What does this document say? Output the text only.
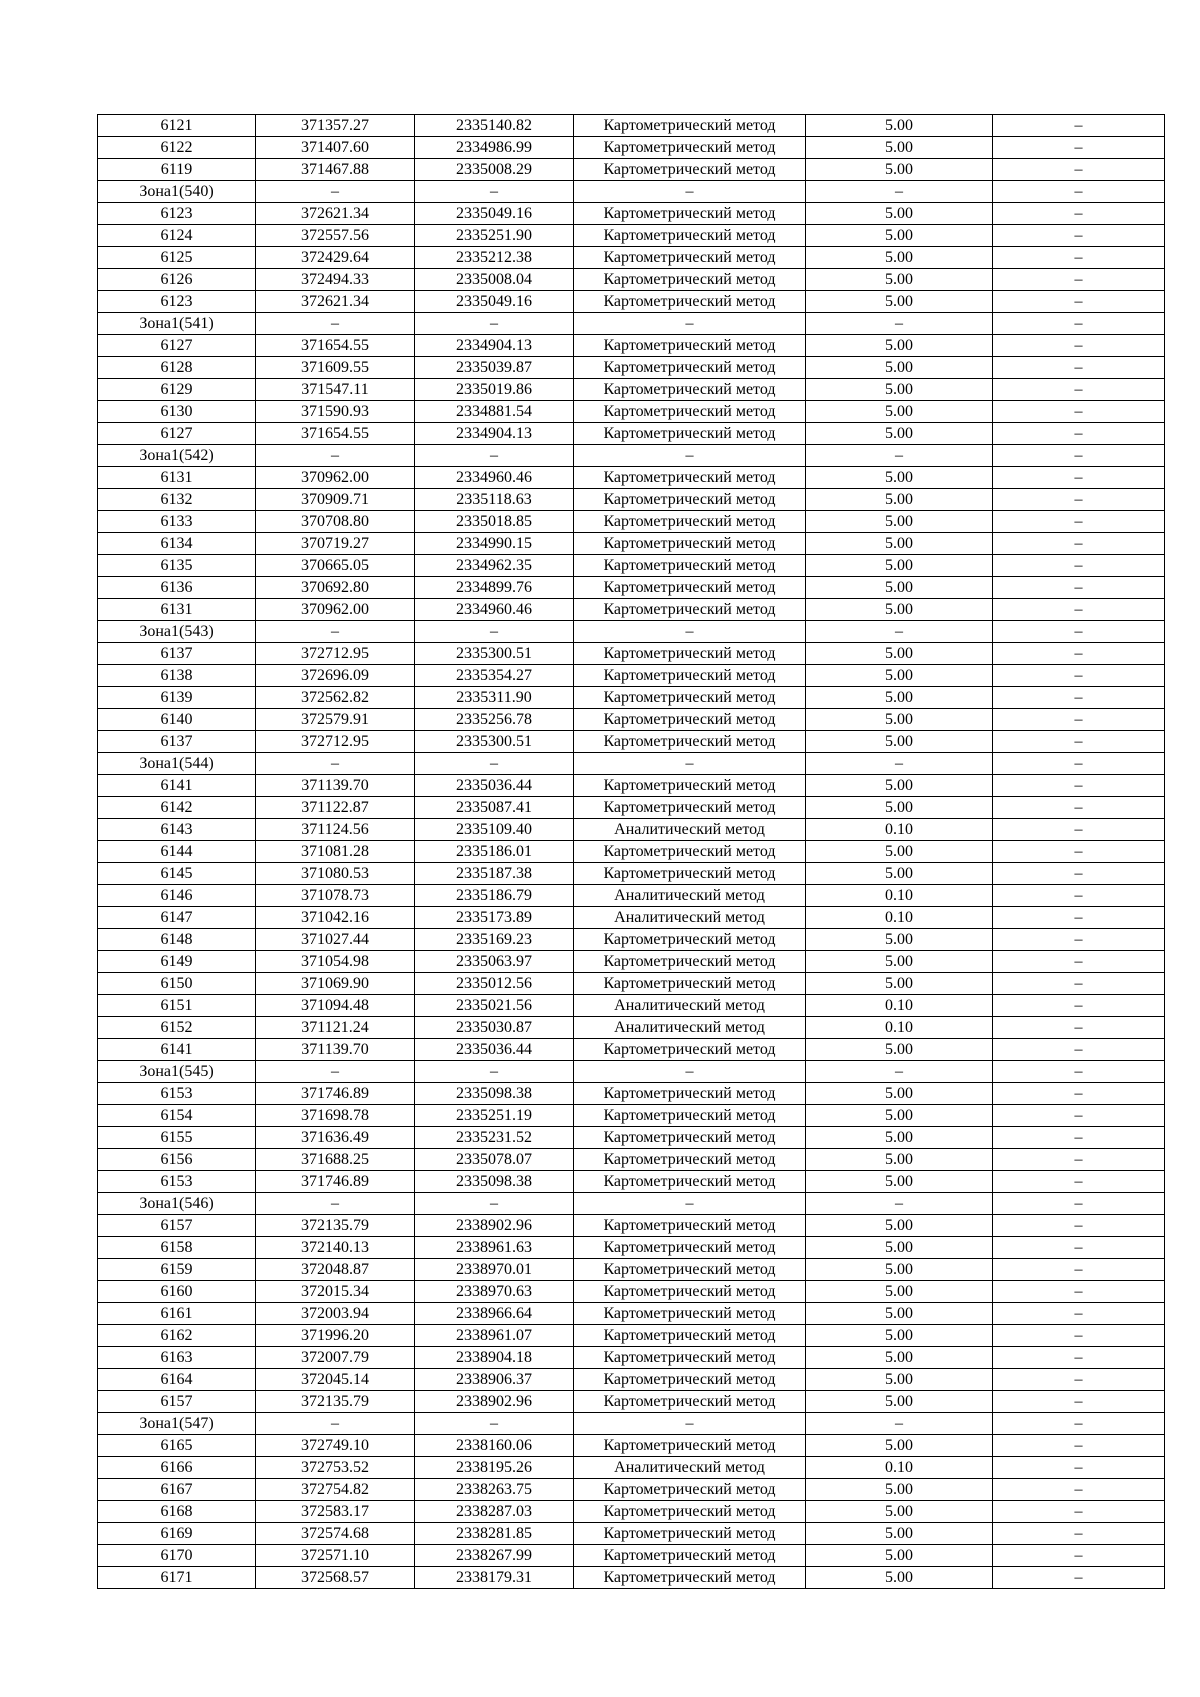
6121	371357.27	2335140.82	Картометрический метод	5.00	–
6122	371407.60	2334986.99	Картометрический метод	5.00	–
6119	371467.88	2335008.29	Картометрический метод	5.00	–
Зона1(540)	–	–	–	–	–
6123	372621.34	2335049.16	Картометрический метод	5.00	–
6124	372557.56	2335251.90	Картометрический метод	5.00	–
6125	372429.64	2335212.38	Картометрический метод	5.00	–
6126	372494.33	2335008.04	Картометрический метод	5.00	–
6123	372621.34	2335049.16	Картометрический метод	5.00	–
Зона1(541)	–	–	–	–	–
6127	371654.55	2334904.13	Картометрический метод	5.00	–
6128	371609.55	2335039.87	Картометрический метод	5.00	–
6129	371547.11	2335019.86	Картометрический метод	5.00	–
6130	371590.93	2334881.54	Картометрический метод	5.00	–
6127	371654.55	2334904.13	Картометрический метод	5.00	–
Зона1(542)	–	–	–	–	–
6131	370962.00	2334960.46	Картометрический метод	5.00	–
6132	370909.71	2335118.63	Картометрический метод	5.00	–
6133	370708.80	2335018.85	Картометрический метод	5.00	–
6134	370719.27	2334990.15	Картометрический метод	5.00	–
6135	370665.05	2334962.35	Картометрический метод	5.00	–
6136	370692.80	2334899.76	Картометрический метод	5.00	–
6131	370962.00	2334960.46	Картометрический метод	5.00	–
Зона1(543)	–	–	–	–	–
6137	372712.95	2335300.51	Картометрический метод	5.00	–
6138	372696.09	2335354.27	Картометрический метод	5.00	–
6139	372562.82	2335311.90	Картометрический метод	5.00	–
6140	372579.91	2335256.78	Картометрический метод	5.00	–
6137	372712.95	2335300.51	Картометрический метод	5.00	–
Зона1(544)	–	–	–	–	–
6141	371139.70	2335036.44	Картометрический метод	5.00	–
6142	371122.87	2335087.41	Картометрический метод	5.00	–
6143	371124.56	2335109.40	Аналитический метод	0.10	–
6144	371081.28	2335186.01	Картометрический метод	5.00	–
6145	371080.53	2335187.38	Картометрический метод	5.00	–
6146	371078.73	2335186.79	Аналитический метод	0.10	–
6147	371042.16	2335173.89	Аналитический метод	0.10	–
6148	371027.44	2335169.23	Картометрический метод	5.00	–
6149	371054.98	2335063.97	Картометрический метод	5.00	–
6150	371069.90	2335012.56	Картометрический метод	5.00	–
6151	371094.48	2335021.56	Аналитический метод	0.10	–
6152	371121.24	2335030.87	Аналитический метод	0.10	–
6141	371139.70	2335036.44	Картометрический метод	5.00	–
Зона1(545)	–	–	–	–	–
6153	371746.89	2335098.38	Картометрический метод	5.00	–
6154	371698.78	2335251.19	Картометрический метод	5.00	–
6155	371636.49	2335231.52	Картометрический метод	5.00	–
6156	371688.25	2335078.07	Картометрический метод	5.00	–
6153	371746.89	2335098.38	Картометрический метод	5.00	–
Зона1(546)	–	–	–	–	–
6157	372135.79	2338902.96	Картометрический метод	5.00	–
6158	372140.13	2338961.63	Картометрический метод	5.00	–
6159	372048.87	2338970.01	Картометрический метод	5.00	–
6160	372015.34	2338970.63	Картометрический метод	5.00	–
6161	372003.94	2338966.64	Картометрический метод	5.00	–
6162	371996.20	2338961.07	Картометрический метод	5.00	–
6163	372007.79	2338904.18	Картометрический метод	5.00	–
6164	372045.14	2338906.37	Картометрический метод	5.00	–
6157	372135.79	2338902.96	Картометрический метод	5.00	–
Зона1(547)	–	–	–	–	–
6165	372749.10	2338160.06	Картометрический метод	5.00	–
6166	372753.52	2338195.26	Аналитический метод	0.10	–
6167	372754.82	2338263.75	Картометрический метод	5.00	–
6168	372583.17	2338287.03	Картометрический метод	5.00	–
6169	372574.68	2338281.85	Картометрический метод	5.00	–
6170	372571.10	2338267.99	Картометрический метод	5.00	–
6171	372568.57	2338179.31	Картометрический метод	5.00	–
